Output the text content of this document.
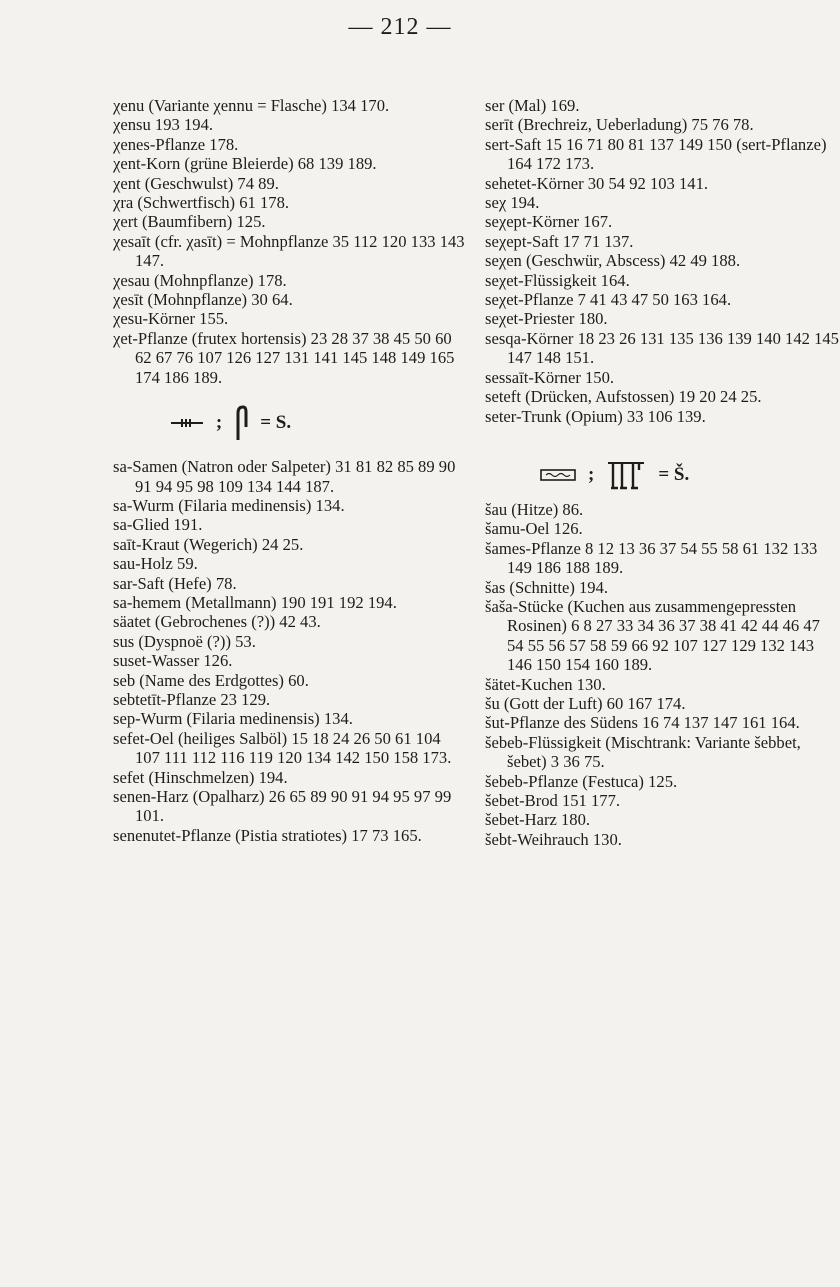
— 212 —

χenu (Variante χennu = Flasche) 134 170.

χensu 193 194.

χenes-Pflanze 178.

χent-Korn (grüne Bleierde) 68 139 189.

χent (Geschwulst) 74 89.

χra (Schwertfisch) 61 178.

χert (Baumfibern) 125.

χesaīt (cfr. χasīt) = Mohnpflanze 35 112 120 133 143 147.

χesau (Mohnpflanze) 178.

χesīt (Mohnpflanze) 30 64.

χesu-Körner 155.

χet-Pflanze (frutex hortensis) 23 28 37 38 45 50 60 62 67 76 107 126 127 131 141 145 148 149 165 174 186 189.

; = S.

sa-Samen (Natron oder Salpeter) 31 81 82 85 89 90 91 94 95 98 109 134 144 187.

sa-Wurm (Filaria medinensis) 134.

sa-Glied 191.

saīt-Kraut (Wegerich) 24 25.

sau-Holz 59.

sar-Saft (Hefe) 78.

sa-hemem (Metallmann) 190 191 192 194.

säatet (Gebrochenes (?)) 42 43.

sus (Dyspnoë (?)) 53.

suset-Wasser 126.

seb (Name des Erdgottes) 60.

sebtetīt-Pflanze 23 129.

sep-Wurm (Filaria medinensis) 134.

sefet-Oel (heiliges Salböl) 15 18 24 26 50 61 104 107 111 112 116 119 120 134 142 150 158 173.

sefet (Hinschmelzen) 194.

senen-Harz (Opalharz) 26 65 89 90 91 94 95 97 99 101.

senenutet-Pflanze (Pistia stratiotes) 17 73 165.

ser (Mal) 169.

serīt (Brechreiz, Ueberladung) 75 76 78.

sert-Saft 15 16 71 80 81 137 149 150 (sert-Pflanze) 164 172 173.

sehetet-Körner 30 54 92 103 141.

seχ 194.

seχept-Körner 167.

seχept-Saft 17 71 137.

seχen (Geschwür, Abscess) 42 49 188.

seχet-Flüssigkeit 164.

seχet-Pflanze 7 41 43 47 50 163 164.

seχet-Priester 180.

sesqa-Körner 18 23 26 131 135 136 139 140 142 145 147 148 151.

sessaīt-Körner 150.

seteft (Drücken, Aufstossen) 19 20 24 25.

seter-Trunk (Opium) 33 106 139.

;	= Š.

šau (Hitze) 86.

šamu-Oel 126.

šames-Pflanze 8 12 13 36 37 54 55 58 61 132 133 149 186 188 189.

šas (Schnitte) 194.

šaša-Stücke (Kuchen aus zusammengepressten Rosinen) 6 8 27 33 34 36 37 38 41 42 44 46 47 54 55 56 57 58 59 66 92 107 127 129 132 143 146 150 154 160 189.

šätet-Kuchen 130.

šu (Gott der Luft) 60 167 174.

šut-Pflanze des Südens 16 74 137 147 161 164.

šebeb-Flüssigkeit (Mischtrank: Variante šebbet, šebet) 3 36 75.

šebeb-Pflanze (Festuca) 125.

šebet-Brod 151 177.

šebet-Harz 180.

šebt-Weihrauch 130.
